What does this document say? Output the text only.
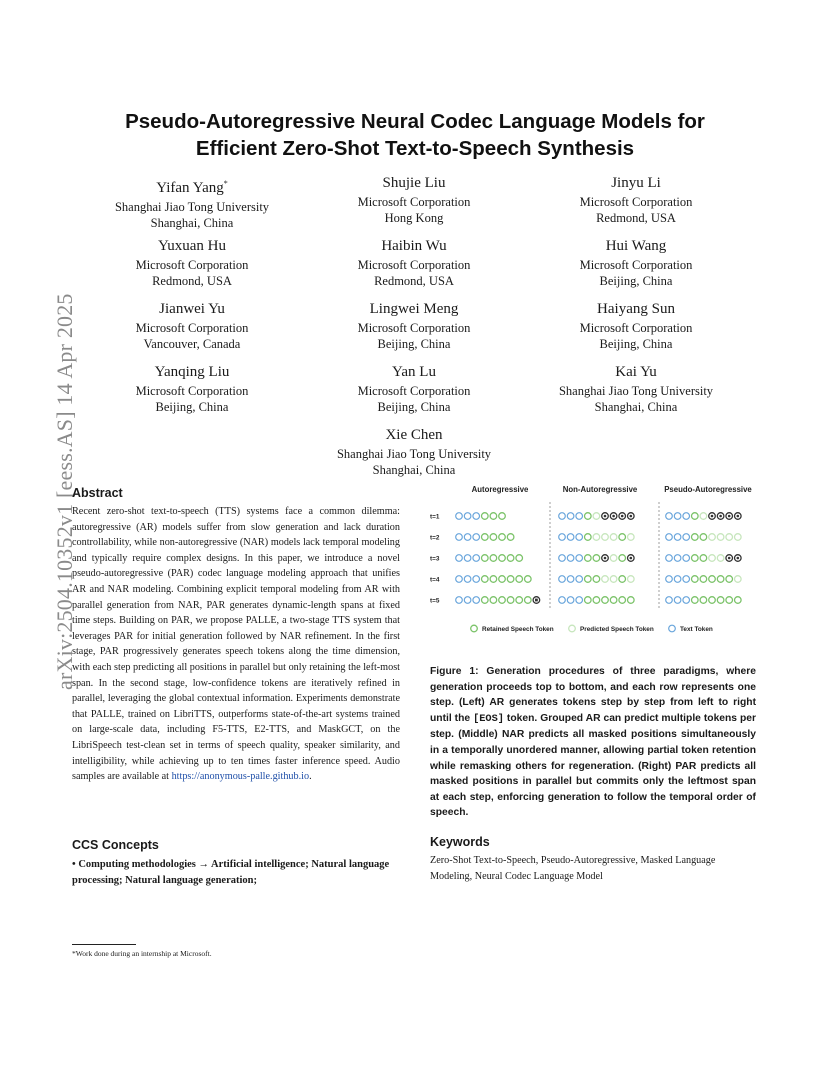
arXiv:2504.10352v1 [eess.AS] 14 Apr 2025
Pseudo-Autoregressive Neural Codec Language Models for
Efficient Zero-Shot Text-to-Speech Synthesis
Yifan Yang*
Shanghai Jiao Tong University
Shanghai, China
Shujie Liu
Microsoft Corporation
Hong Kong
Jinyu Li
Microsoft Corporation
Redmond, USA
Yuxuan Hu
Microsoft Corporation
Redmond, USA
Haibin Wu
Microsoft Corporation
Redmond, USA
Hui Wang
Microsoft Corporation
Beijing, China
Jianwei Yu
Microsoft Corporation
Vancouver, Canada
Lingwei Meng
Microsoft Corporation
Beijing, China
Haiyang Sun
Microsoft Corporation
Beijing, China
Yanqing Liu
Microsoft Corporation
Beijing, China
Yan Lu
Microsoft Corporation
Beijing, China
Kai Yu
Shanghai Jiao Tong University
Shanghai, China
Xie Chen
Shanghai Jiao Tong University
Shanghai, China
Abstract
Recent zero-shot text-to-speech (TTS) systems face a common dilemma: autoregressive (AR) models suffer from slow generation and lack duration controllability, while non-autoregressive (NAR) models lack temporal modeling and typically require complex designs. In this paper, we introduce a novel pseudo-autoregressive (PAR) codec language modeling approach that unifies AR and NAR modeling. Combining explicit temporal modeling from AR with parallel generation from NAR, PAR generates dynamic-length spans at fixed time steps. Building on PAR, we propose PALLE, a two-stage TTS system that leverages PAR for initial generation followed by NAR refinement. In the first stage, PAR progressively generates speech tokens along the time dimension, with each step predicting all positions in parallel but only retaining the left-most span. In the second stage, low-confidence tokens are iteratively refined in parallel, leveraging the global contextual information. Experiments demonstrate that PALLE, trained on LibriTTS, outperforms state-of-the-art systems trained on large-scale data, including F5-TTS, E2-TTS, and MaskGCT, on the LibriSpeech test-clean set in terms of speech quality, speaker similarity, and intelligibility, while achieving up to ten times faster inference speed. Audio samples are available at https://anonymous-palle.github.io.
CCS Concepts
• Computing methodologies → Artificial intelligence; Natural language processing; Natural language generation;
*Work done during an internship at Microsoft.
Autoregressive	Non-Autoregressive	Pseudo-Autoregressive
t=1
t=2
t=3
t=4
t=5
Retained Speech Token	Predicted Speech Token	Text Token
Figure 1: Generation procedures of three paradigms, where generation proceeds top to bottom, and each row represents one step. (Left) AR generates tokens step by step from left to right until the [EOS] token. Grouped AR can predict multiple tokens per step. (Middle) NAR predicts all masked positions simultaneously in a temporally unordered manner, allowing partial token retention while remasking others for regeneration. (Right) PAR predicts all masked positions in parallel but commits only the leftmost span at each step, enforcing generation to follow the temporal order of speech.
Keywords
Zero-Shot Text-to-Speech, Pseudo-Autoregressive, Masked Language Modeling, Neural Codec Language Model
